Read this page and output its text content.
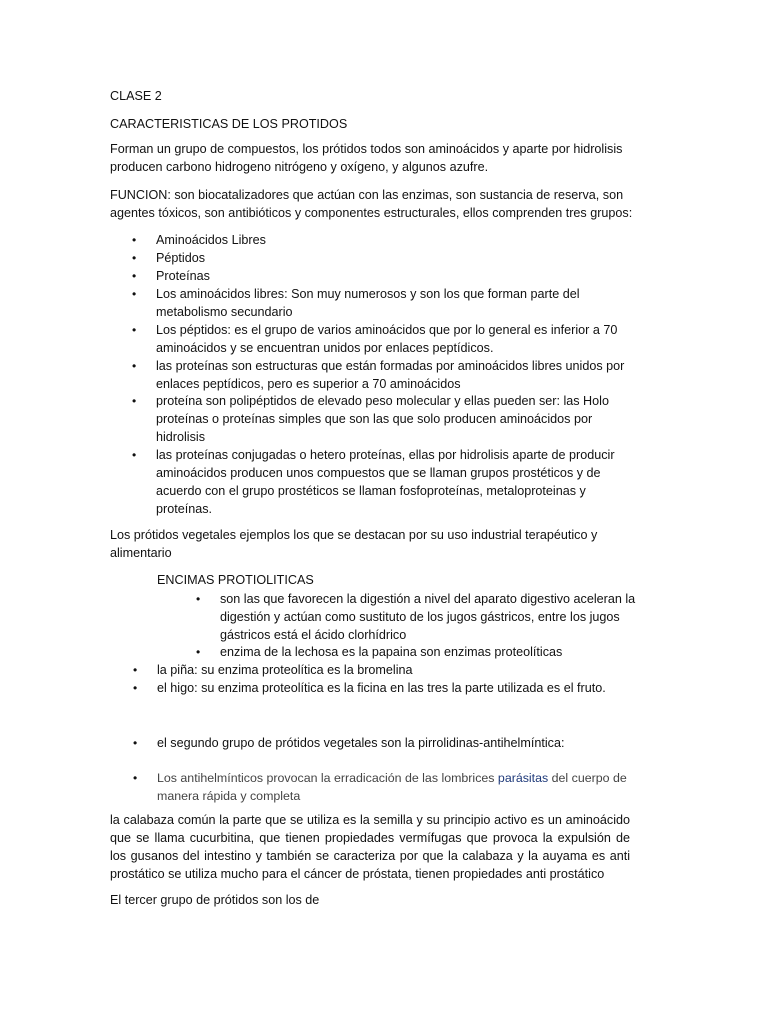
CLASE 2

CARACTERISTICAS DE LOS PROTIDOS

Forman un grupo de compuestos, los prótidos todos son aminoácidos y aparte por hidrolisis producen carbono hidrogeno nitrógeno y oxígeno, y algunos azufre.

FUNCION: son biocatalizadores que actúan con las enzimas, son sustancia de reserva, son agentes tóxicos, son antibióticos y componentes estructurales, ellos comprenden tres grupos:

• Aminoácidos Libres
• Péptidos
• Proteínas
• Los aminoácidos libres: Son muy numerosos y son los que forman parte del metabolismo secundario
• Los péptidos: es el grupo de varios aminoácidos que por lo general es inferior a 70 aminoácidos y se encuentran unidos por enlaces peptídicos.
• las proteínas son estructuras que están formadas por aminoácidos libres unidos por enlaces peptídicos, pero es superior a 70 aminoácidos
• proteína son polipéptidos de elevado peso molecular y ellas pueden ser: las Holo proteínas o proteínas simples que son las que solo producen aminoácidos por hidrolisis
• las proteínas conjugadas o hetero proteínas, ellas por hidrolisis aparte de producir aminoácidos producen unos compuestos que se llaman grupos prostéticos y de acuerdo con el grupo prostéticos se llaman fosfoproteínas, metaloproteinas y proteínas.

Los prótidos vegetales ejemplos los que se destacan por su uso industrial terapéutico y alimentario

ENCIMAS PROTIOLITICAS

• son las que favorecen la digestión a nivel del aparato digestivo aceleran la digestión y actúan como sustituto de los jugos gástricos, entre los jugos gástricos está el ácido clorhídrico
• enzima de la lechosa es la papaina son enzimas proteolíticas
• la piña: su enzima proteolítica es la bromelina
• el higo: su enzima proteolítica es la ficina en las tres la parte utilizada es el fruto.
• el segundo grupo de prótidos vegetales son la pirrolidinas-antihelmíntica:
• Los antihelmínticos provocan la erradicación de las lombrices parásitas del cuerpo de manera rápida y completa

la calabaza común la parte que se utiliza es la semilla y su principio activo es un aminoácido que se llama cucurbitina, que tienen propiedades vermífugas que provoca la expulsión de los gusanos del intestino y también se caracteriza por que la calabaza y la auyama es anti prostático se utiliza mucho para el cáncer de próstata, tienen propiedades anti prostático

El tercer grupo de prótidos son los de
